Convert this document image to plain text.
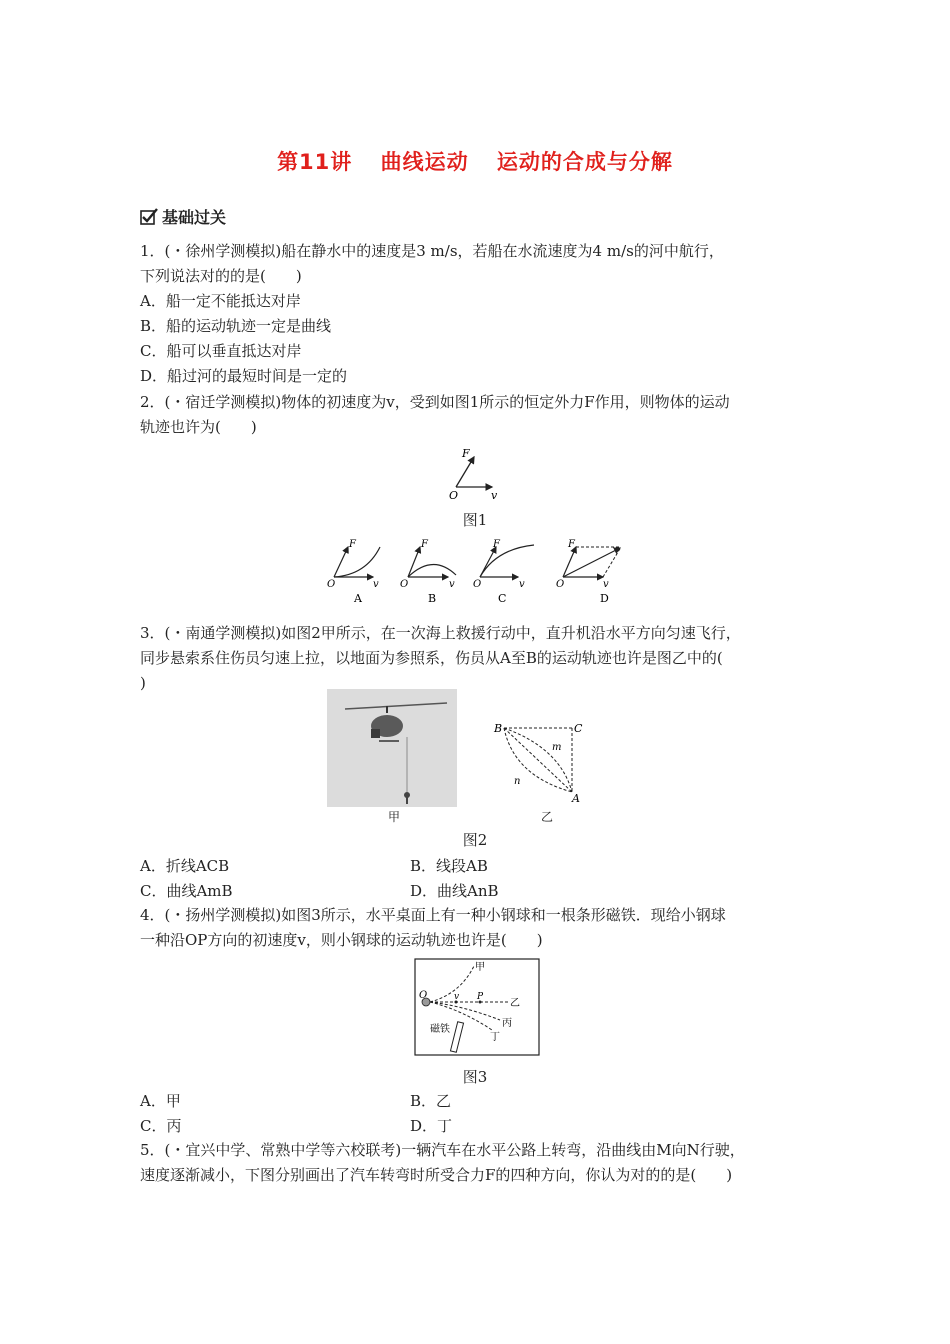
第11讲 曲线运动 运动的合成与分解
基础过关
1．(・徐州学测模拟)船在静水中的速度是3 m/s，若船在水流速度为4 m/s的河中航行，
下列说法对的的是(　　)
A．船一定不能抵达对岸
B．船的运动轨迹一定是曲线
C．船可以垂直抵达对岸
D．船过河的最短时间是一定的
2．(・宿迁学测模拟)物体的初速度为v，受到如图1所示的恒定外力F作用，则物体的运动
轨迹也许为(　　)
F
O	v
图1
F
O	v
A
F
O	v
B
F
O	v
C
F
O	v
D
3．(・南通学测模拟)如图2甲所示，在一次海上救援行动中，直升机沿水平方向匀速飞行，
同步悬索系住伤员匀速上拉，以地面为参照系，伤员从A至B的运动轨迹也许是图乙中的(
)
甲
B	C
A
m
n
乙
图2
A．折线ACB	B．线段AB
C．曲线AmB	D．曲线AnB
4．(・扬州学测模拟)如图3所示，水平桌面上有一种小钢球和一根条形磁铁．现给小钢球
一种沿OP方向的初速度v，则小钢球的运动轨迹也许是(　　)
O	v P
甲
乙
丙
丁
磁铁
图3
A．甲	B．乙
C．丙	D．丁
5．(・宜兴中学、常熟中学等六校联考)一辆汽车在水平公路上转弯，沿曲线由M向N行驶，
速度逐渐减小，下图分别画出了汽车转弯时所受合力F的四种方向，你认为对的的是(　　)
